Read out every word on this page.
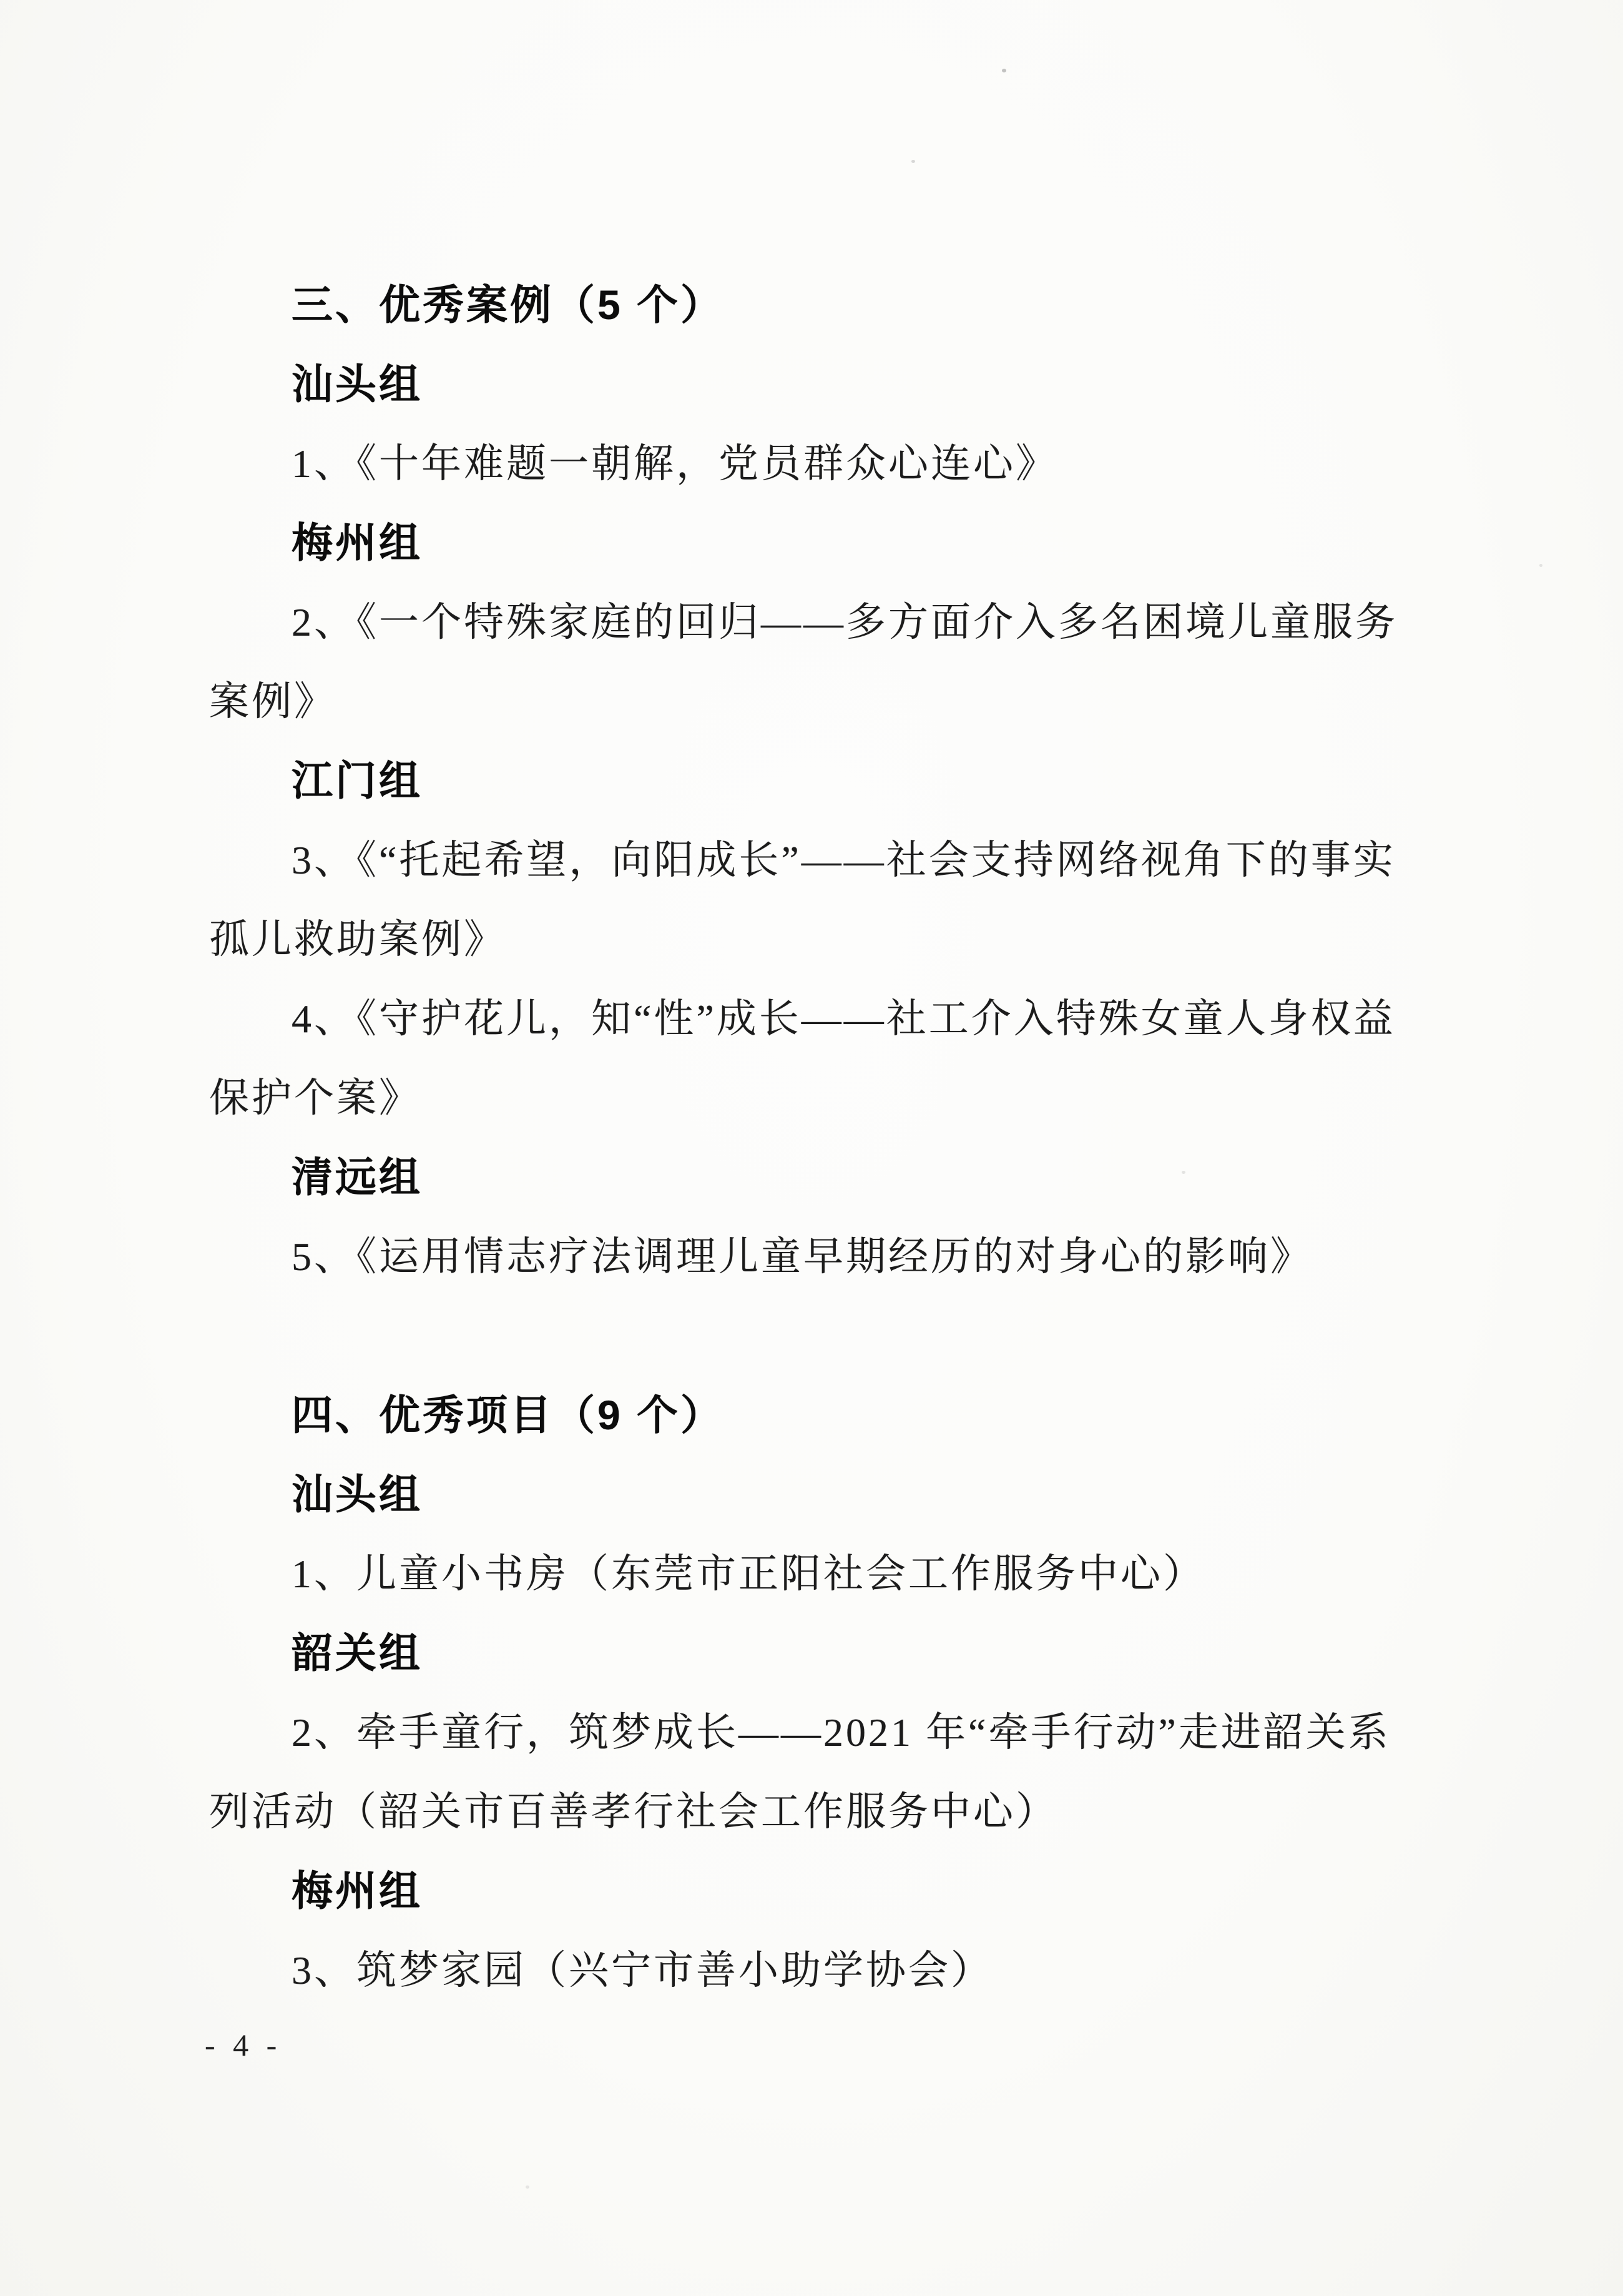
三、优秀案例（5 个）

汕头组

1、《十年难题一朝解，党员群众心连心》

梅州组

2、《一个特殊家庭的回归——多方面介入多名困境儿童服务

案例》

江门组

3、《“托起希望，向阳成长”——社会支持网络视角下的事实

孤儿救助案例》

4、《守护花儿，知“性”成长——社工介入特殊女童人身权益

保护个案》

清远组

5、《运用情志疗法调理儿童早期经历的对身心的影响》

四、优秀项目（9 个）

汕头组

1、儿童小书房（东莞市正阳社会工作服务中心）

韶关组

2、牵手童行，筑梦成长——2021 年“牵手行动”走进韶关系

列活动（韶关市百善孝行社会工作服务中心）

梅州组

3、筑梦家园（兴宁市善小助学协会）

- 4 -
